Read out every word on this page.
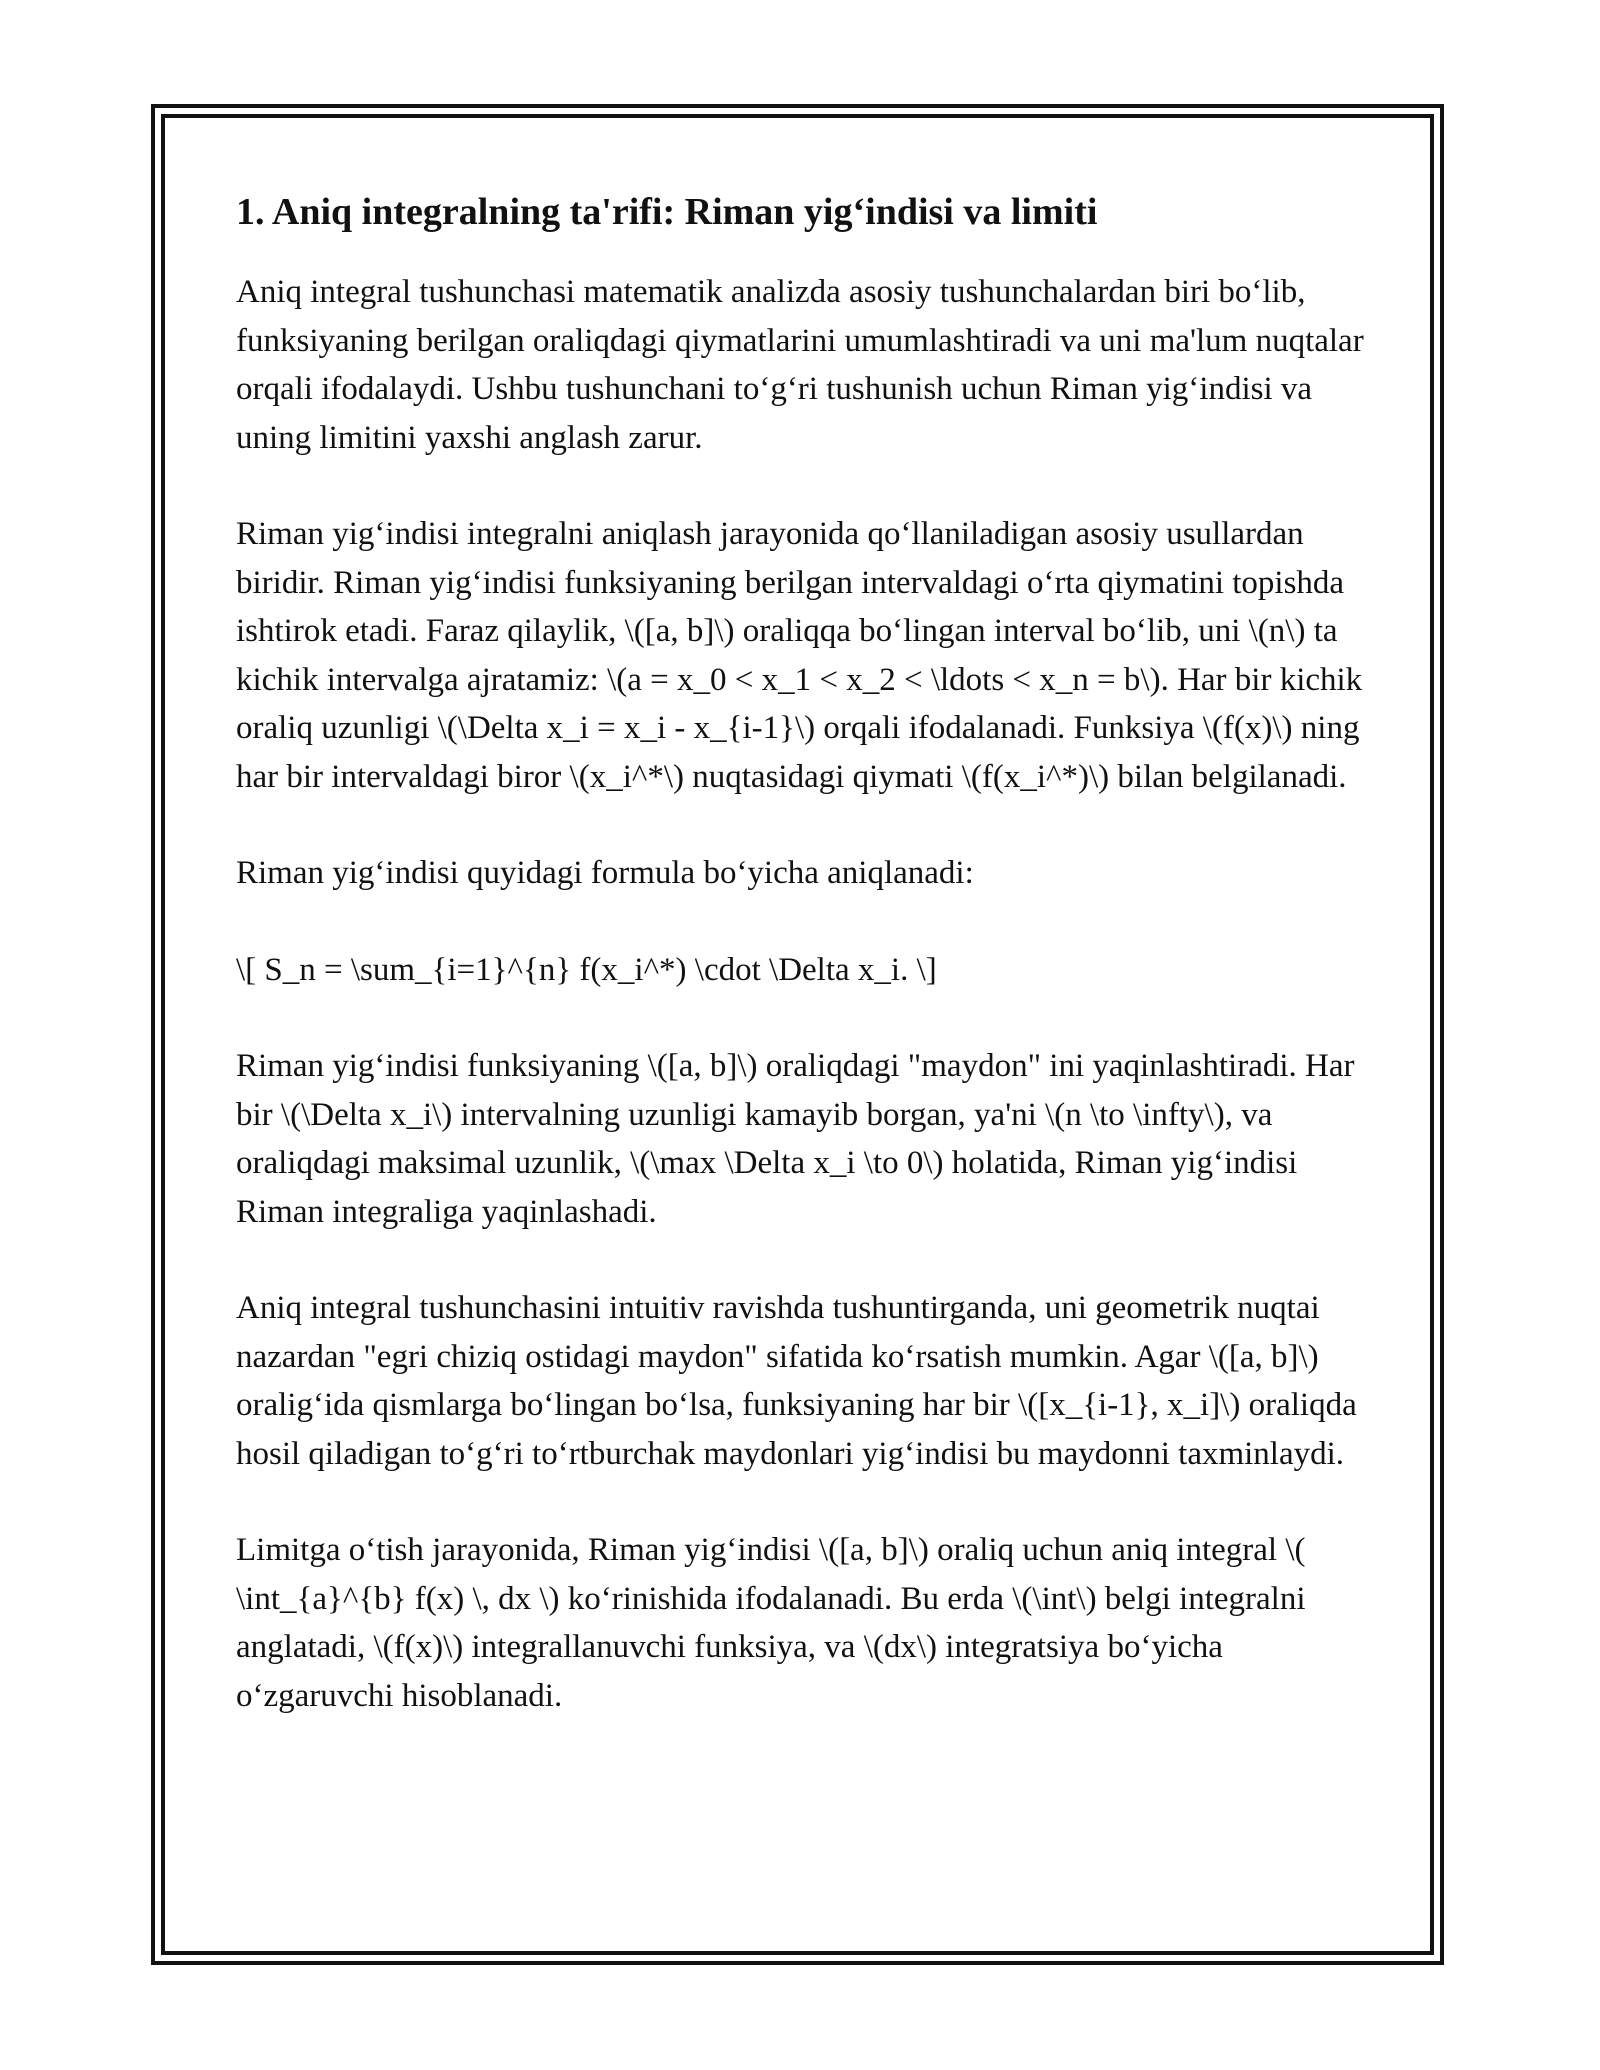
1. Aniq integralning ta'rifi: Riman yig‘indisi va limiti

Aniq integral tushunchasi matematik analizda asosiy tushunchalardan biri bo‘lib, funksiyaning berilgan oraliqdagi qiymatlarini umumlashtiradi va uni ma'lum nuqtalar orqali ifodalaydi. Ushbu tushunchani to‘g‘ri tushunish uchun Riman yig‘indisi va uning limitini yaxshi anglash zarur.

Riman yig‘indisi integralni aniqlash jarayonida qo‘llaniladigan asosiy usullardan biridir. Riman yig‘indisi funksiyaning berilgan intervaldagi o‘rta qiymatini topishda ishtirok etadi. Faraz qilaylik, \([a, b]\) oraliqqa bo‘lingan interval bo‘lib, uni \(n\) ta kichik intervalga ajratamiz: \(a = x_0 < x_1 < x_2 < \ldots < x_n = b\). Har bir kichik oraliq uzunligi \(\Delta x_i = x_i - x_{i-1}\) orqali ifodalanadi. Funksiya \(f(x)\) ning har bir intervaldagi biror \(x_i^*\) nuqtasidagi qiymati \(f(x_i^*)\) bilan belgilanadi.

Riman yig‘indisi quyidagi formula bo‘yicha aniqlanadi:

\[ S_n = \sum_{i=1}^{n} f(x_i^*) \cdot \Delta x_i. \]

Riman yig‘indisi funksiyaning \([a, b]\) oraliqdagi "maydon" ini yaqinlashtiradi. Har bir \(\Delta x_i\) intervalning uzunligi kamayib borgan, ya'ni \(n \to \infty\), va oraliqdagi maksimal uzunlik, \(\max \Delta x_i \to 0\) holatida, Riman yig‘indisi Riman integraliga yaqinlashadi.

Aniq integral tushunchasini intuitiv ravishda tushuntirganda, uni geometrik nuqtai nazardan "egri chiziq ostidagi maydon" sifatida ko‘rsatish mumkin. Agar \([a, b]\) oralig‘ida qismlarga bo‘lingan bo‘lsa, funksiyaning har bir \([x_{i-1}, x_i]\) oraliqda hosil qiladigan to‘g‘ri to‘rtburchak maydonlari yig‘indisi bu maydonni taxminlaydi.

Limitga o‘tish jarayonida, Riman yig‘indisi \([a, b]\) oraliq uchun aniq integral \( \int_{a}^{b} f(x) \, dx \) ko‘rinishida ifodalanadi. Bu erda \(\int\) belgi integralni anglatadi, \(f(x)\) integrallanuvchi funksiya, va \(dx\) integratsiya bo‘yicha o‘zgaruvchi hisoblanadi.
